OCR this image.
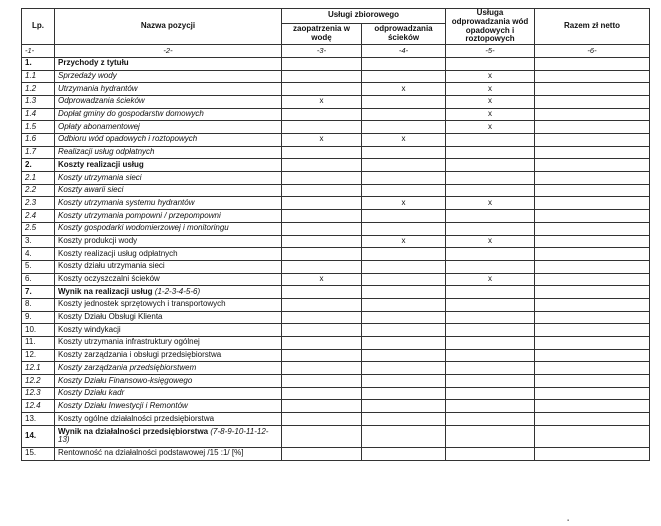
Lp.	Nazwa pozycji	Usługi zbiorowego		Usługa odprowadzania wód opadowych i roztopowych	Razem zł netto
		zaopatrzenia w wodę	odprowadzania ścieków		
-1-	-2-	-3-	-4-	-5-	-6-
1.	Przychody z tytułu				
1.1	Sprzedaży wody			x	
1.2	Utrzymania hydrantów		x	x	
1.3	Odprowadzania ścieków	x		x	
1.4	Dopłat gminy do gospodarstw domowych			x	
1.5	Opłaty abonamentowej			x	
1.6	Odbioru wód opadowych i roztopowych	x	x		
1.7	Realizacji usług odpłatnych				
2.	Koszty realizacji usług				
2.1	Koszty utrzymania sieci				
2.2	Koszty awarii sieci				
2.3	Koszty utrzymania systemu hydrantów		x	x	
2.4	Koszty utrzymania pompowni / przepompowni				
2.5	Koszty gospodarki wodomierzowej i monitoringu				
3.	Koszty produkcji wody		x	x	
4.	Koszty realizacji usług odpłatnych				
5.	Koszty działu utrzymania sieci				
6.	Koszty oczyszczalni ścieków	x		x	
7.	Wynik na realizacji usług (1-2-3-4-5-6)				
8.	Koszty jednostek sprzętowych i transportowych				
9.	Koszty Działu Obsługi Klienta				
10.	Koszty windykacji				
11.	Koszty utrzymania infrastruktury ogólnej				
12.	Koszty zarządzania i obsługi przedsiębiorstwa				
12.1	Koszty zarządzania przedsiębiorstwem				
12.2	Koszty Działu Finansowo-księgowego				
12.3	Koszty Działu kadr				
12.4	Koszty Działu Inwestycji i Remontów				
13.	Koszty ogólne działalności przedsiębiorstwa				
14.	Wynik na działalności przedsiębiorstwa (7-8-9-10-11-12-13)				
15.	Rentowność na działalności podstawowej /15 :1/ [%]				
▪
